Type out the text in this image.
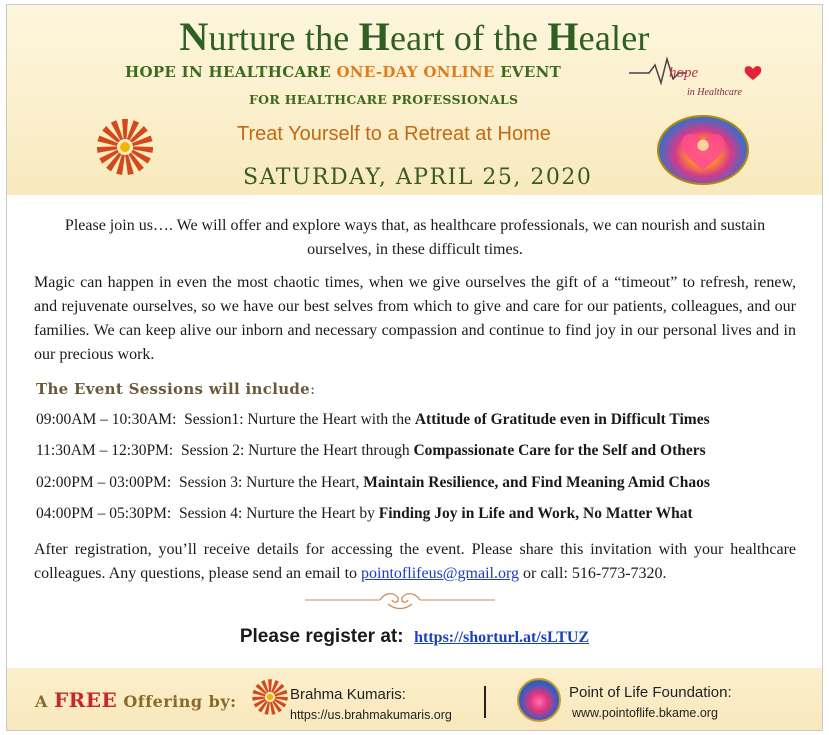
Nurture the Heart of the Healer
HOPE IN HEALTHCARE ONE-DAY ONLINE EVENT	hope
in Healthcare
FOR HEALTHCARE PROFESSIONALS
Treat Yourself to a Retreat at Home
SATURDAY, APRIL 25, 2020
Please join us…. We will offer and explore ways that, as healthcare professionals, we can nourish and sustain ourselves, in these difficult times.
Magic can happen in even the most chaotic times, when we give ourselves the gift of a “timeout” to refresh, renew, and rejuvenate ourselves, so we have our best selves from which to give and care for our patients, colleagues, and our families. We can keep alive our inborn and necessary compassion and continue to find joy in our personal lives and in our precious work.
The Event Sessions will include:
09:00AM – 10:30AM: Session1: Nurture the Heart with the Attitude of Gratitude even in Difficult Times
11:30AM – 12:30PM: Session 2: Nurture the Heart through Compassionate Care for the Self and Others
02:00PM – 03:00PM: Session 3: Nurture the Heart, Maintain Resilience, and Find Meaning Amid Chaos
04:00PM – 05:30PM: Session 4: Nurture the Heart by Finding Joy in Life and Work, No Matter What
After registration, you’ll receive details for accessing the event. Please share this invitation with your healthcare colleagues. Any questions, please send an email to pointoflifeus@gmail.org or call: 516-773-7320.
Please register at: https://shorturl.at/sLTUZ
A FREE Offering by:	Brahma Kumaris:
https://us.brahmakumaris.org
Point of Life Foundation:
www.pointoflife.bkame.org
